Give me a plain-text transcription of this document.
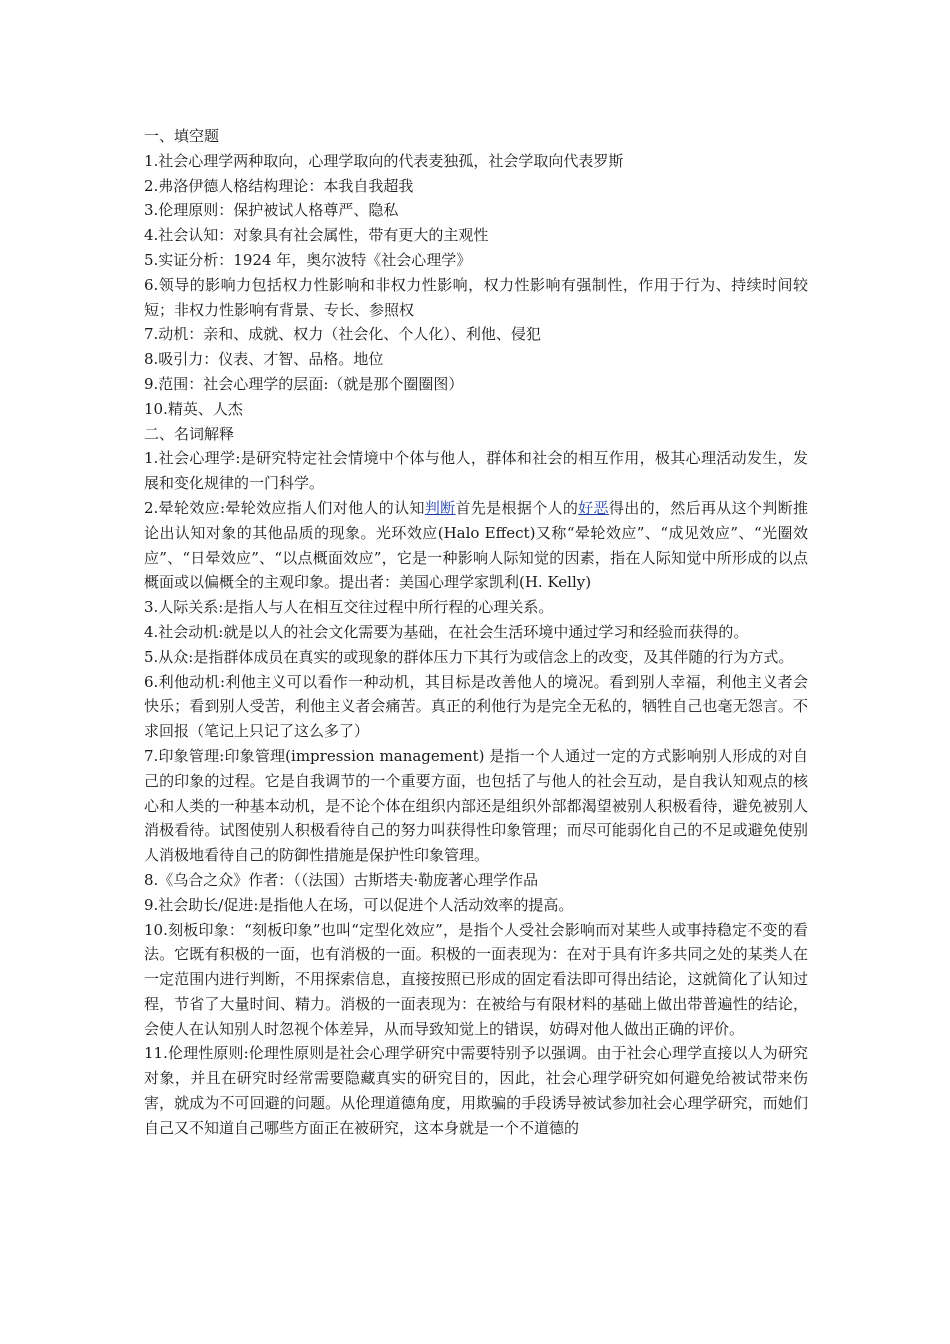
一、填空题

1.社会心理学两种取向，心理学取向的代表麦独孤，社会学取向代表罗斯

2.弗洛伊德人格结构理论：本我自我超我

3.伦理原则：保护被试人格尊严、隐私

4.社会认知：对象具有社会属性，带有更大的主观性

5.实证分析：1924 年，奥尔波特《社会心理学》

6.领导的影响力包括权力性影响和非权力性影响，权力性影响有强制性，作用于行为、持续时间较短；非权力性影响有背景、专长、参照权

7.动机：亲和、成就、权力（社会化、个人化）、利他、侵犯

8.吸引力：仪表、才智、品格。地位

9.范围：社会心理学的层面:（就是那个圈圈图）

10.精英、人杰

二、名词解释

1.社会心理学:是研究特定社会情境中个体与他人，群体和社会的相互作用，极其心理活动发生，发展和变化规律的一门科学。

2.晕轮效应:晕轮效应指人们对他人的认知判断首先是根据个人的好恶得出的，然后再从这个判断推论出认知对象的其他品质的现象。光环效应(Halo Effect)又称“晕轮效应”、“成见效应”、“光圈效应”、“日晕效应”、“以点概面效应”，它是一种影响人际知觉的因素，指在人际知觉中所形成的以点概面或以偏概全的主观印象。提出者：美国心理学家凯利(H. Kelly)

3.人际关系:是指人与人在相互交往过程中所行程的心理关系。

4.社会动机:就是以人的社会文化需要为基础，在社会生活环境中通过学习和经验而获得的。

5.从众:是指群体成员在真实的或现象的群体压力下其行为或信念上的改变，及其伴随的行为方式。

6.利他动机:利他主义可以看作一种动机，其目标是改善他人的境况。看到别人幸福，利他主义者会快乐；看到别人受苦，利他主义者会痛苦。真正的利他行为是完全无私的，牺牲自己也毫无怨言。不求回报（笔记上只记了这么多了）

7.印象管理:印象管理(impression management) 是指一个人通过一定的方式影响别人形成的对自己的印象的过程。它是自我调节的一个重要方面，也包括了与他人的社会互动，是自我认知观点的核心和人类的一种基本动机，是不论个体在组织内部还是组织外部都渴望被别人积极看待，避免被别人消极看待。试图使别人积极看待自己的努力叫获得性印象管理；而尽可能弱化自己的不足或避免使别人消极地看待自己的防御性措施是保护性印象管理。

8.《乌合之众》作者：（（法国）古斯塔夫·勒庞著心理学作品

9.社会助长/促进:是指他人在场，可以促进个人活动效率的提高。

10.刻板印象：“刻板印象”也叫“定型化效应”，是指个人受社会影响而对某些人或事持稳定不变的看法。它既有积极的一面，也有消极的一面。积极的一面表现为：在对于具有许多共同之处的某类人在一定范围内进行判断，不用探索信息，直接按照已形成的固定看法即可得出结论，这就简化了认知过程，节省了大量时间、精力。消极的一面表现为：在被给与有限材料的基础上做出带普遍性的结论，会使人在认知别人时忽视个体差异，从而导致知觉上的错误，妨碍对他人做出正确的评价。

11.伦理性原则:伦理性原则是社会心理学研究中需要特别予以强调。由于社会心理学直接以人为研究对象，并且在研究时经常需要隐藏真实的研究目的，因此，社会心理学研究如何避免给被试带来伤害，就成为不可回避的问题。从伦理道德角度，用欺骗的手段诱导被试参加社会心理学研究，而她们自己又不知道自己哪些方面正在被研究，这本身就是一个不道德的
